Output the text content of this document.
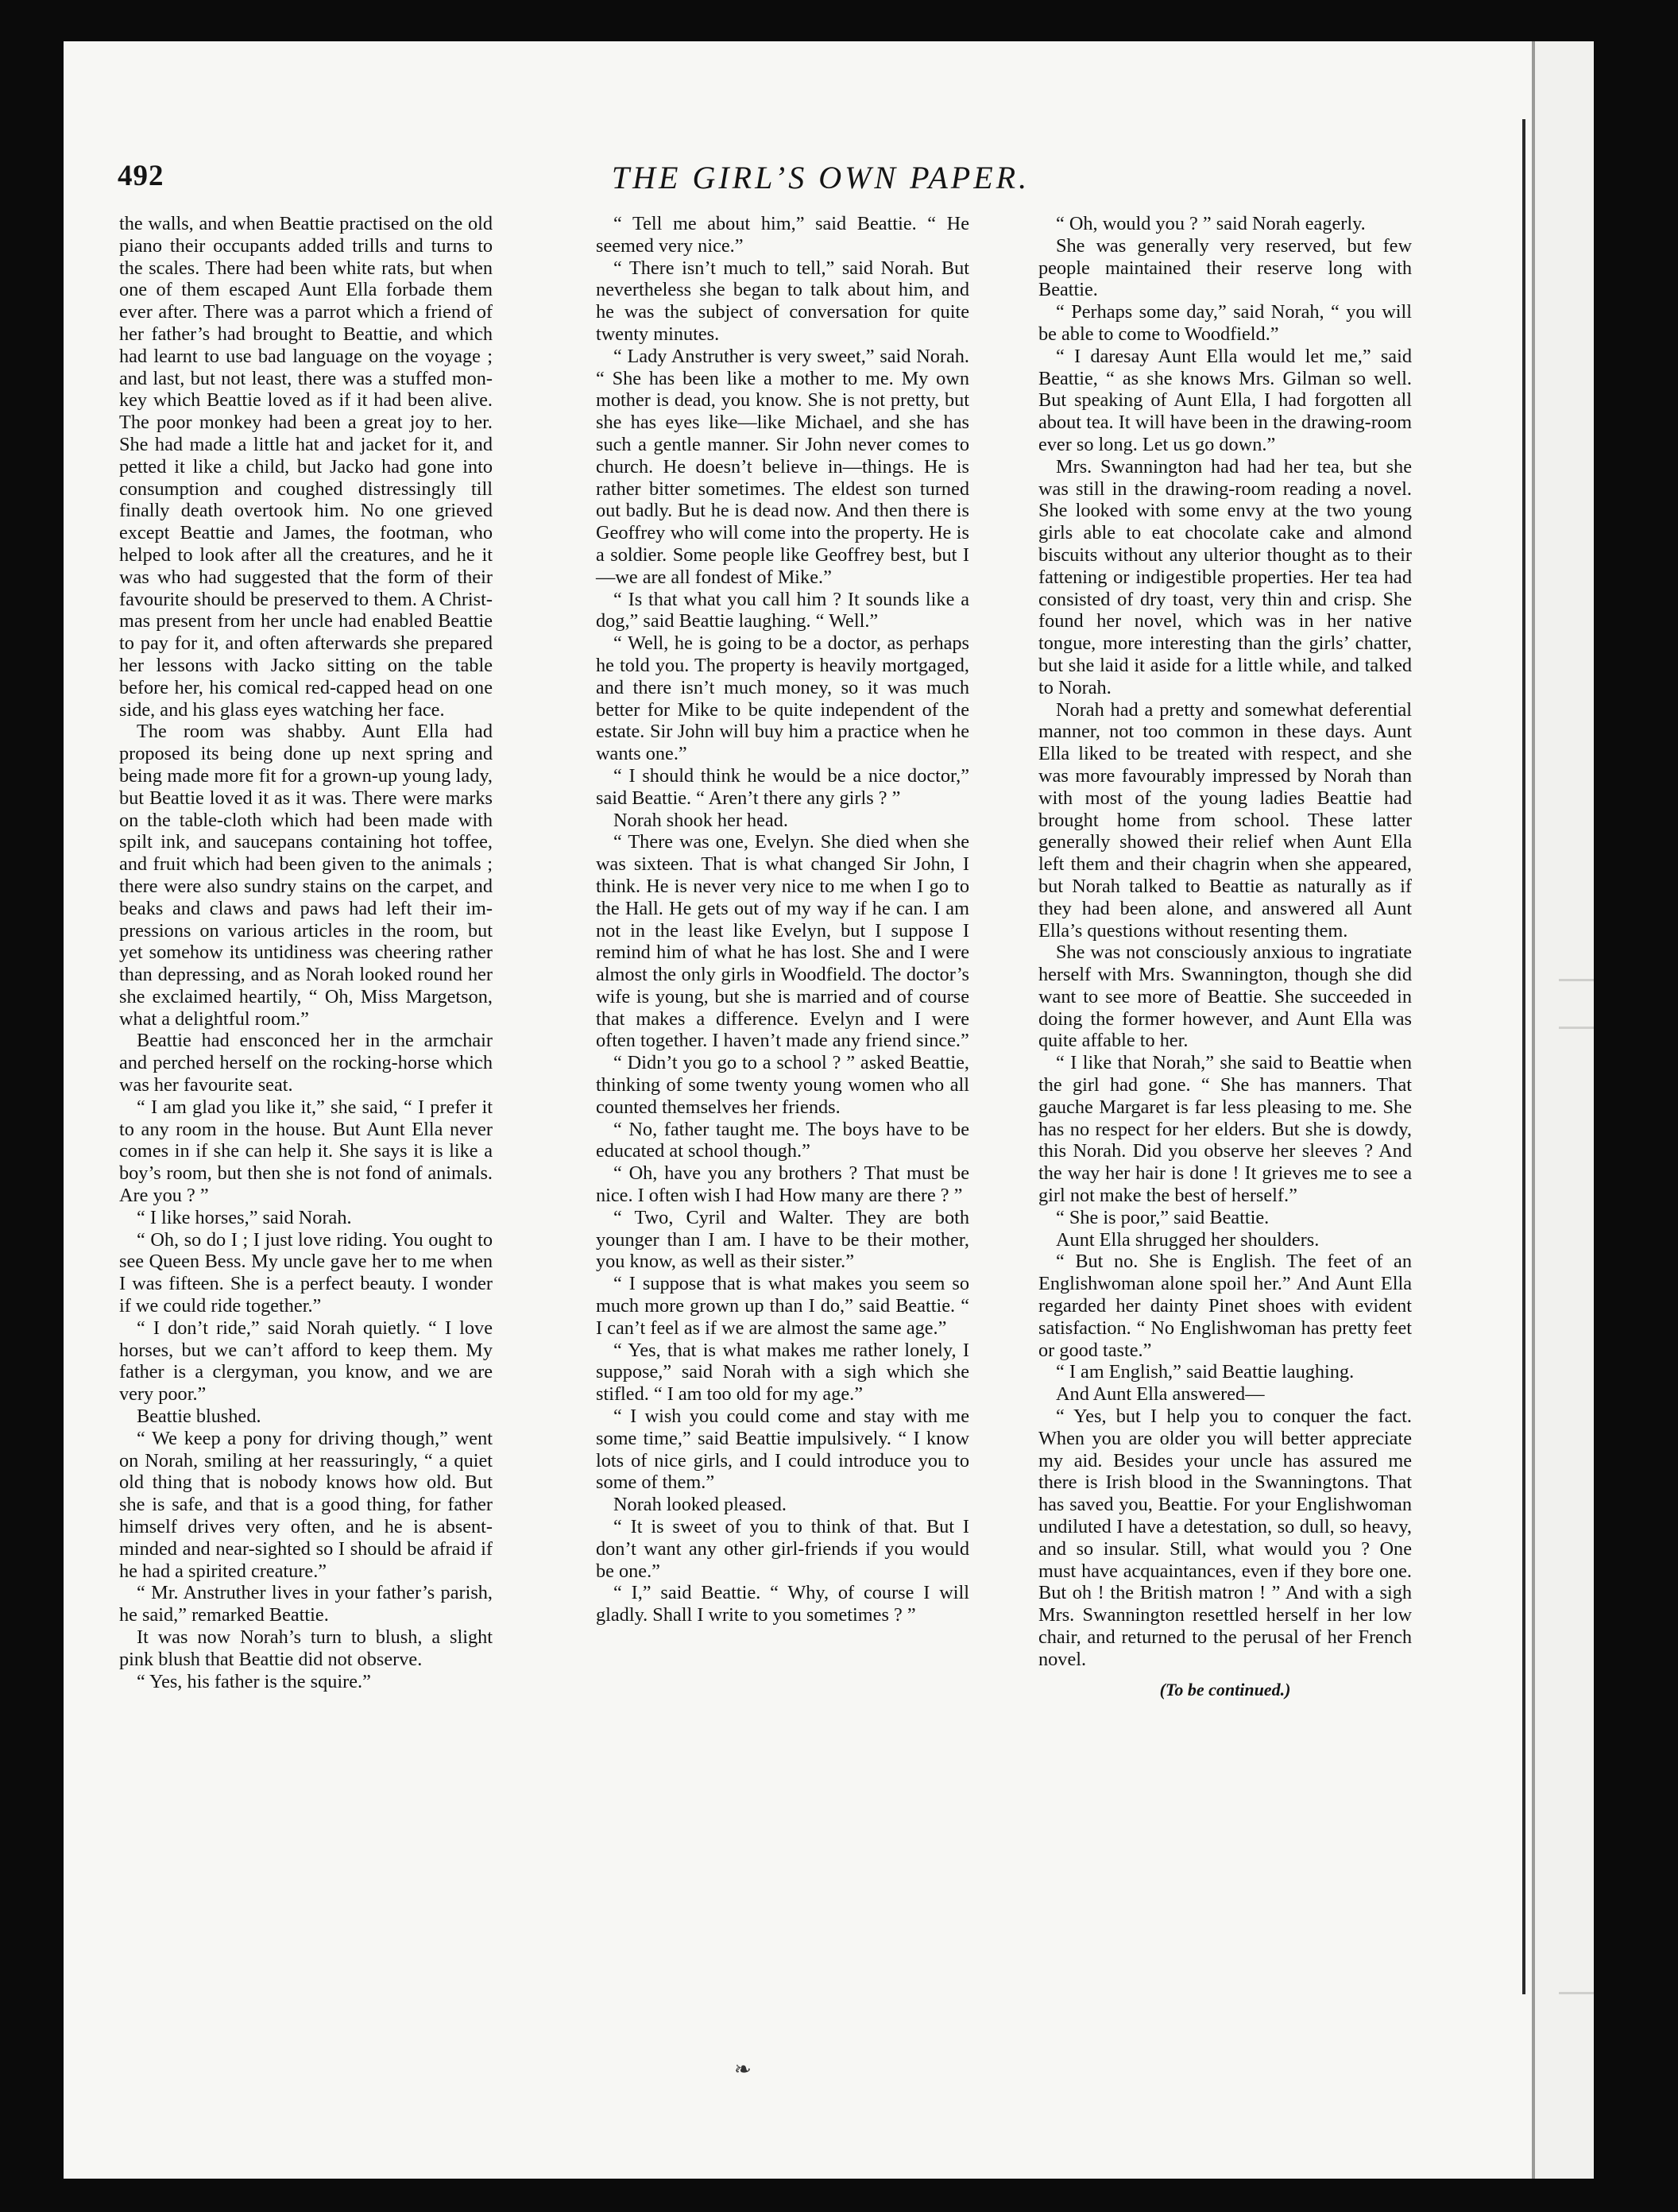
492	THE GIRL’S OWN PAPER.

the walls, and when Beattie practised on the old piano their occupants added trills and turns to the scales. There had been white rats, but when one of them escaped Aunt Ella forbade them ever after. There was a parrot which a friend of her father’s had brought to Beattie, and which had learnt to use bad language on the voyage ; and last, but not least, there was a stuffed monkey which Beattie loved as if it had been alive. The poor monkey had been a great joy to her. She had made a little hat and jacket for it, and petted it like a child, but Jacko had gone into consumption and coughed distressingly till finally death overtook him. No one grieved except Beattie and James, the footman, who helped to look after all the creatures, and he it was who had suggested that the form of their favourite should be preserved to them. A Christmas present from her uncle had enabled Beattie to pay for it, and often afterwards she prepared her lessons with Jacko sitting on the table before her, his comical red-capped head on one side, and his glass eyes watching her face.

The room was shabby. Aunt Ella had proposed its being done up next spring and being made more fit for a grown-up young lady, but Beattie loved it as it was. There were marks on the table-cloth which had been made with spilt ink, and saucepans containing hot toffee, and fruit which had been given to the animals ; there were also sundry stains on the carpet, and beaks and claws and paws had left their impressions on various articles in the room, but yet somehow its untidiness was cheering rather than depressing, and as Norah looked round her she exclaimed heartily, “ Oh, Miss Margetson, what a delightful room.”

Beattie had ensconced her in the armchair and perched herself on the rocking-horse which was her favourite seat.

“ I am glad you like it,” she said, “ I prefer it to any room in the house. But Aunt Ella never comes in if she can help it. She says it is like a boy’s room, but then she is not fond of animals. Are you ? ”

“ I like horses,” said Norah.

“ Oh, so do I ; I just love riding. You ought to see Queen Bess. My uncle gave her to me when I was fifteen. She is a perfect beauty. I wonder if we could ride together.”

“ I don’t ride,” said Norah quietly. “ I love horses, but we can’t afford to keep them. My father is a clergyman, you know, and we are very poor.”

Beattie blushed.

“ We keep a pony for driving though,” went on Norah, smiling at her reassuringly, “ a quiet old thing that is nobody knows how old. But she is safe, and that is a good thing, for father himself drives very often, and he is absent-minded and near-sighted so I should be afraid if he had a spirited creature.”

“ Mr. Anstruther lives in your father’s parish, he said,” remarked Beattie.

It was now Norah’s turn to blush, a slight pink blush that Beattie did not observe.

“ Yes, his father is the squire.”

“ Tell me about him,” said Beattie. “ He seemed very nice.”

“ There isn’t much to tell,” said Norah. But nevertheless she began to talk about him, and he was the subject of conversation for quite twenty minutes.

“ Lady Anstruther is very sweet,” said Norah. “ She has been like a mother to me. My own mother is dead, you know. She is not pretty, but she has eyes like—like Michael, and she has such a gentle manner. Sir John never comes to church. He doesn’t believe in—things. He is rather bitter sometimes. The eldest son turned out badly. But he is dead now. And then there is Geoffrey who will come into the property. He is a soldier. Some people like Geoffrey best, but I—we are all fondest of Mike.”

“ Is that what you call him ? It sounds like a dog,” said Beattie laughing. “ Well.”

“ Well, he is going to be a doctor, as perhaps he told you. The property is heavily mortgaged, and there isn’t much money, so it was much better for Mike to be quite independent of the estate. Sir John will buy him a practice when he wants one.”

“ I should think he would be a nice doctor,” said Beattie. “ Aren’t there any girls ? ”

Norah shook her head.

“ There was one, Evelyn. She died when she was sixteen. That is what changed Sir John, I think. He is never very nice to me when I go to the Hall. He gets out of my way if he can. I am not in the least like Evelyn, but I suppose I remind him of what he has lost. She and I were almost the only girls in Woodfield. The doctor’s wife is young, but she is married and of course that makes a difference. Evelyn and I were often together. I haven’t made any friend since.”

“ Didn’t you go to a school ? ” asked Beattie, thinking of some twenty young women who all counted themselves her friends.

“ No, father taught me. The boys have to be educated at school though.”

“ Oh, have you any brothers ? That must be nice. I often wish I had How many are there ? ”

“ Two, Cyril and Walter. They are both younger than I am. I have to be their mother, you know, as well as their sister.”

“ I suppose that is what makes you seem so much more grown up than I do,” said Beattie. “ I can’t feel as if we are almost the same age.”

“ Yes, that is what makes me rather lonely, I suppose,” said Norah with a sigh which she stifled. “ I am too old for my age.”

“ I wish you could come and stay with me some time,” said Beattie impulsively. “ I know lots of nice girls, and I could introduce you to some of them.”

Norah looked pleased.

“ It is sweet of you to think of that. But I don’t want any other girl-friends if you would be one.”

“ I,” said Beattie. “ Why, of course I will gladly. Shall I write to you sometimes ? ”

“ Oh, would you ? ” said Norah eagerly.

She was generally very reserved, but few people maintained their reserve long with Beattie.

“ Perhaps some day,” said Norah, “ you will be able to come to Woodfield.”

“ I daresay Aunt Ella would let me,” said Beattie, “ as she knows Mrs. Gilman so well. But speaking of Aunt Ella, I had forgotten all about tea. It will have been in the drawing-room ever so long. Let us go down.”

Mrs. Swannington had had her tea, but she was still in the drawing-room reading a novel. She looked with some envy at the two young girls able to eat chocolate cake and almond biscuits without any ulterior thought as to their fattening or indigestible properties. Her tea had consisted of dry toast, very thin and crisp. She found her novel, which was in her native tongue, more interesting than the girls’ chatter, but she laid it aside for a little while, and talked to Norah.

Norah had a pretty and somewhat deferential manner, not too common in these days. Aunt Ella liked to be treated with respect, and she was more favourably impressed by Norah than with most of the young ladies Beattie had brought home from school. These latter generally showed their relief when Aunt Ella left them and their chagrin when she appeared, but Norah talked to Beattie as naturally as if they had been alone, and answered all Aunt Ella’s questions without resenting them.

She was not consciously anxious to ingratiate herself with Mrs. Swannington, though she did want to see more of Beattie. She succeeded in doing the former however, and Aunt Ella was quite affable to her.

“ I like that Norah,” she said to Beattie when the girl had gone. “ She has manners. That gauche Margaret is far less pleasing to me. She has no respect for her elders. But she is dowdy, this Norah. Did you observe her sleeves ? And the way her hair is done ! It grieves me to see a girl not make the best of herself.”

“ She is poor,” said Beattie.

Aunt Ella shrugged her shoulders.

“ But no. She is English. The feet of an Englishwoman alone spoil her.” And Aunt Ella regarded her dainty Pinet shoes with evident satisfaction. “ No Englishwoman has pretty feet or good taste.”

“ I am English,” said Beattie laughing.

And Aunt Ella answered—

“ Yes, but I help you to conquer the fact. When you are older you will better appreciate my aid. Besides your uncle has assured me there is Irish blood in the Swanningtons. That has saved you, Beattie. For your Englishwoman undiluted I have a detestation, so dull, so heavy, and so insular. Still, what would you ? One must have acquaintances, even if they bore one. But oh ! the British matron ! ” And with a sigh Mrs. Swannington resettled herself in her low chair, and returned to the perusal of her French novel.

(To be continued.)

❧
